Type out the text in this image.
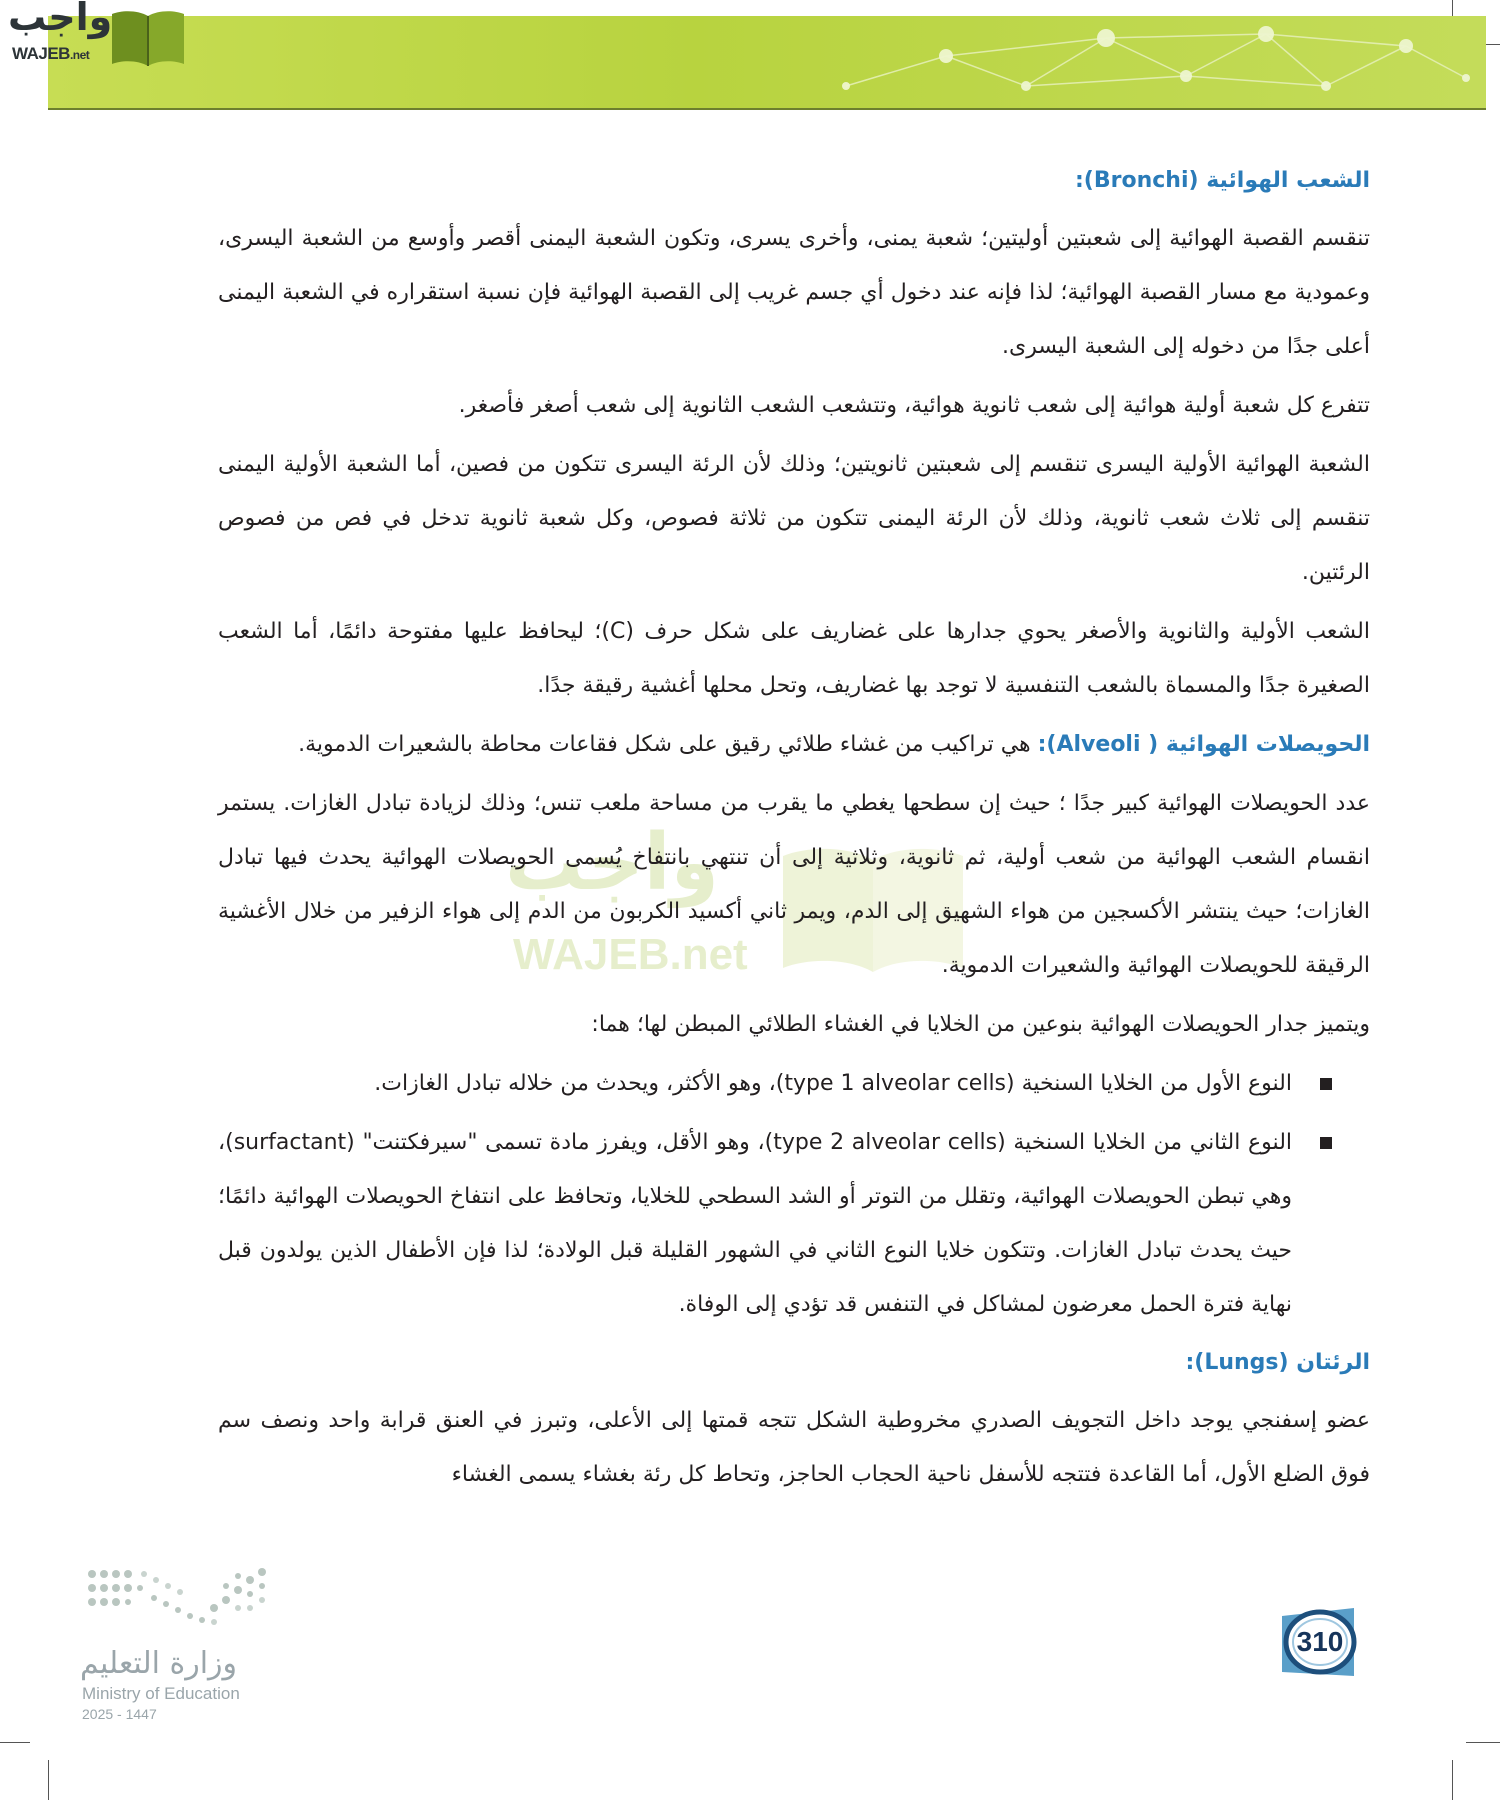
واجب
WAJEB.net
واجب
WAJEB.net
الشعب الهوائية (Bronchi):

تنقسم القصبة الهوائية إلى شعبتين أوليتين؛ شعبة يمنى، وأخرى يسرى، وتكون الشعبة اليمنى أقصر وأوسع من الشعبة اليسرى، وعمودية مع مسار القصبة الهوائية؛ لذا فإنه عند دخول أي جسم غريب إلى القصبة الهوائية فإن نسبة استقراره في الشعبة اليمنى أعلى جدًا من دخوله إلى الشعبة اليسرى.

تتفرع كل شعبة أولية هوائية إلى شعب ثانوية هوائية، وتتشعب الشعب الثانوية إلى شعب أصغر فأصغر.

الشعبة الهوائية الأولية اليسرى تنقسم إلى شعبتين ثانويتين؛ وذلك لأن الرئة اليسرى تتكون من فصين، أما الشعبة الأولية اليمنى تنقسم إلى ثلاث شعب ثانوية، وذلك لأن الرئة اليمنى تتكون من ثلاثة فصوص، وكل شعبة ثانوية تدخل في فص من فصوص الرئتين.

الشعب الأولية والثانوية والأصغر يحوي جدارها على غضاريف على شكل حرف (C)؛ ليحافظ عليها مفتوحة دائمًا، أما الشعب الصغيرة جدًا والمسماة بالشعب التنفسية لا توجد بها غضاريف، وتحل محلها أغشية رقيقة جدًا.

الحويصلات الهوائية ( Alveoli): هي تراكيب من غشاء طلائي رقيق على شكل فقاعات محاطة بالشعيرات الدموية.

عدد الحويصلات الهوائية كبير جدًا ؛ حيث إن سطحها يغطي ما يقرب من مساحة ملعب تنس؛ وذلك لزيادة تبادل الغازات. يستمر انقسام الشعب الهوائية من شعب أولية، ثم ثانوية، وثلاثية إلى أن تنتهي بانتفاخ يُسمى الحويصلات الهوائية يحدث فيها تبادل الغازات؛ حيث ينتشر الأكسجين من هواء الشهيق إلى الدم، ويمر ثاني أكسيد الكربون من الدم إلى هواء الزفير من خلال الأغشية الرقيقة للحويصلات الهوائية والشعيرات الدموية.

ويتميز جدار الحويصلات الهوائية بنوعين من الخلايا في الغشاء الطلائي المبطن لها؛ هما:

النوع الأول من الخلايا السنخية (type 1 alveolar cells)، وهو الأكثر، ويحدث من خلاله تبادل الغازات.
النوع الثاني من الخلايا السنخية (type 2 alveolar cells)، وهو الأقل، ويفرز مادة تسمى "سيرفكتنت" (surfactant)، وهي تبطن الحويصلات الهوائية، وتقلل من التوتر أو الشد السطحي للخلايا، وتحافظ على انتفاخ الحويصلات الهوائية دائمًا؛ حيث يحدث تبادل الغازات. وتتكون خلايا النوع الثاني في الشهور القليلة قبل الولادة؛ لذا فإن الأطفال الذين يولدون قبل نهاية فترة الحمل معرضون لمشاكل في التنفس قد تؤدي إلى الوفاة.
الرئتان (Lungs):

عضو إسفنجي يوجد داخل التجويف الصدري مخروطية الشكل تتجه قمتها إلى الأعلى، وتبرز في العنق قرابة واحد ونصف سم فوق الضلع الأول، أما القاعدة فتتجه للأسفل ناحية الحجاب الحاجز، وتحاط كل رئة بغشاء يسمى الغشاء

وزارة التعليم
Ministry of Education
2025 - 1447
310
